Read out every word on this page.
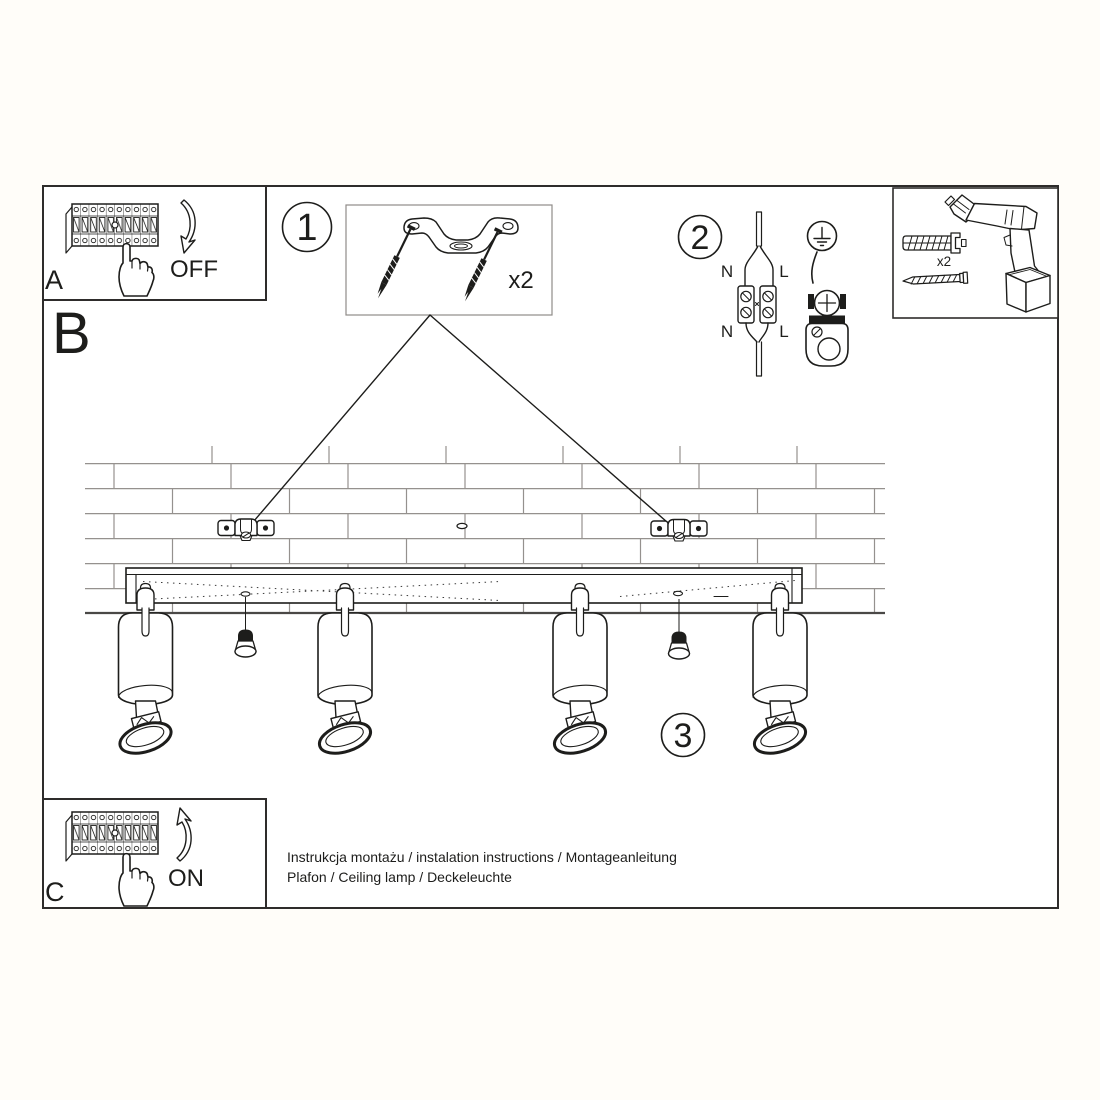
A	OFF
B
1
x2
2
N	L
N	L
x2
3
C	ON
Instrukcja montażu / instalation instructions / Montageanleitung
Plafon / Ceiling lamp / Deckeleuchte
